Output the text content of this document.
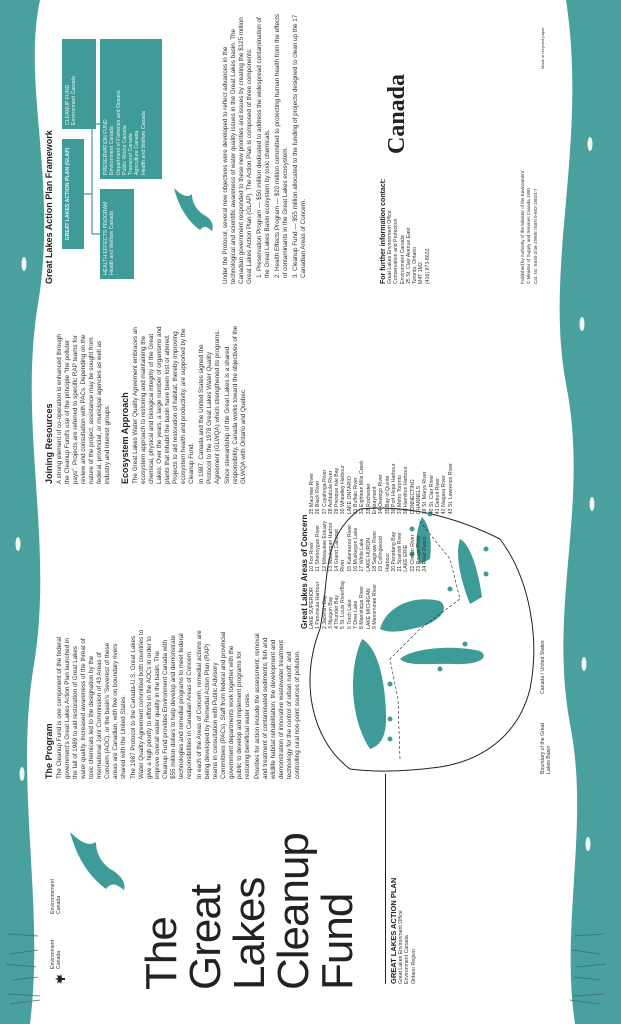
Environment
Canada
Environnement
Canada
The
Great
Lakes
Cleanup
Fund	GREAT LAKES ACTION PLAN Great Lakes Environment Office Environment Canada Ontario Region
The Program The Cleanup Fund is one component of the federal government's Great Lakes Action Plan launched in the fall of 1989 to aid restoration of Great Lakes water quality. Increased awareness of the threat of toxic chemicals led to the designation by the International Joint Commission of 43 Areas of Concern (AOC), or the basin's 'Severest of these areas are Canadian, with five on boundary rivers shared with the United States. The 1987 Protocol to the Canada-U.S. Great Lakes Water Quality Agreement committed both countries to give a high priority to efforts in the AOCs in order to improve overall water quality in the basin. The Cleanup Fund provides Environment Canada with $55 million dollars to help develop and demonstrate technologies and remedial programs to meet federal responsibilities in Canadian Areas of Concern. In each of the Areas of Concern, remedial actions are being developed by Remedial Action Plan (RAP) teams in consultation with Public Advisory Committees (PACs). Staff from federal and provincial government departments work together with the public to develop and implement programs for restoring beneficial water uses. Priorities for action include the assessment, removal and treatment of contaminated sediments; fish and wildlife habitat rehabilitation; the development and demonstration of innovative wastewater treatment technology for the control of urban runoff; and controlling rural non-point sources of pollution.	Boundary of the Great Lakes Basin
Canada / United States
Great Lakes Areas of Concern LAKE SUPERIOR 1 Peninsula Harbour 2 Jackfish Bay 3 Nipigon Bay 4 Thunder Bay 5 St. Louis River/Bay 6 Torch Lake 7 Deer Lake 8 Manistique River LAKE MICHIGAN 9 Menominee River
10 Fox River 11 Sheboygan River 12 Milwaukee Estuary 13 Waukegan Harbor 14 Grand Calumet River 15 Kalamazoo River 16 Muskegon Lake 17 White Lake LAKE HURON 18 Saginaw River 19 Collingwood Harbour 20 Penetang Bay 21 Spanish River LAKE ERIE 22 Clinton River 23 Rouge River 24 River Raisin
25 Maumee River 26 Black River 27 Cuyahoga River 28 Ashtabula River 29 Presque Isle Bay 30 Wheatley Harbour LAKE ONTARIO 31 Buffalo River 32 Eighteen Mile Creek 33 Rochester Embayment 34 Oswego River 35 Bay of Quinte 36 Port Hope Harbour 37 Metro Toronto 38 Hamilton Harbour CONNECTING CHANNELS 39 St. Marys River 40 St. Clair River 41 Detroit River 42 Niagara River 43 St. Lawrence River
Joining Resources A strong element of co-operation is enhanced through the Cleanup Fund's use of the principle "the polluter pays". Projects are referred to specific RAP teams for review and consultation with PACs. Depending on the nature of the project, assistance may be sought from federal, provincial, or municipal agencies as well as industry and interest groups. Ecosystem Approach The Great Lakes Water Quality Agreement embraces an ecosystem approach to restoring and maintaining the chemical, physical and biological integrity of the Great Lakes. Over the years, a large number of organisms and plants that inhabit the basin have been lost or altered. Projects to aid restoration of habitat, thereby improving ecosystem health and productivity, are supported by the Cleanup Fund. In 1987, Canada and the United States signed the Protocol to the 1978 Great Lakes Water Quality Agreement (GLWQA) which strengthened its programs. Since stewardship of the Great Lakes is a shared responsibility, Canada works toward the objectives of the GLWQA with Ontario and Quebec.

Great Lakes Action Plan Framework	GREAT LAKES ACTION PLAN (GLAP)
CLEANUP FUND
Environment Canada
HEALTH EFFECTS PROGRAM
Health and Welfare Canada
PRESERVATION FUND
Environment Canada
Department of Fisheries and Oceans
Public Works Canada
Transport Canada
Agriculture Canada
Health and Welfare Canada	Under the Protocol, several new objectives were developed to reflect advances in the technological and scientific awareness of water quality issues in the Great Lakes basin. The Canadian government responded to these new priorities and issues by creating the $125 million Great Lakes Action Plan (GLAP). The Action Plan is composed of three components: 1. Preservation Program — $50 million dedicated to address the widespread contamination of the Great Lakes Basin ecosystem by toxic chemicals. 2. Health Effects Program — $20 million committed to protecting human health from the effects of contaminants in the Great Lakes ecosystem. 3. Cleanup Fund — $55 million allocated to the funding of projects designed to clean up the 17 Canadian Areas of Concern.	For further information contact: Great Lakes Environment Office Conservation and Protection Environment Canada 25 St. Clair Avenue East Toronto, Ontario M4T 1M2 (416) 973-8632
Canada
Published by Authority of the Minister of the Environment © Minister of Supply and Services Canada 1990 Cat. No. En40-2/46-1990E ISBN 0-662-18024-7
Made in recycled paper
